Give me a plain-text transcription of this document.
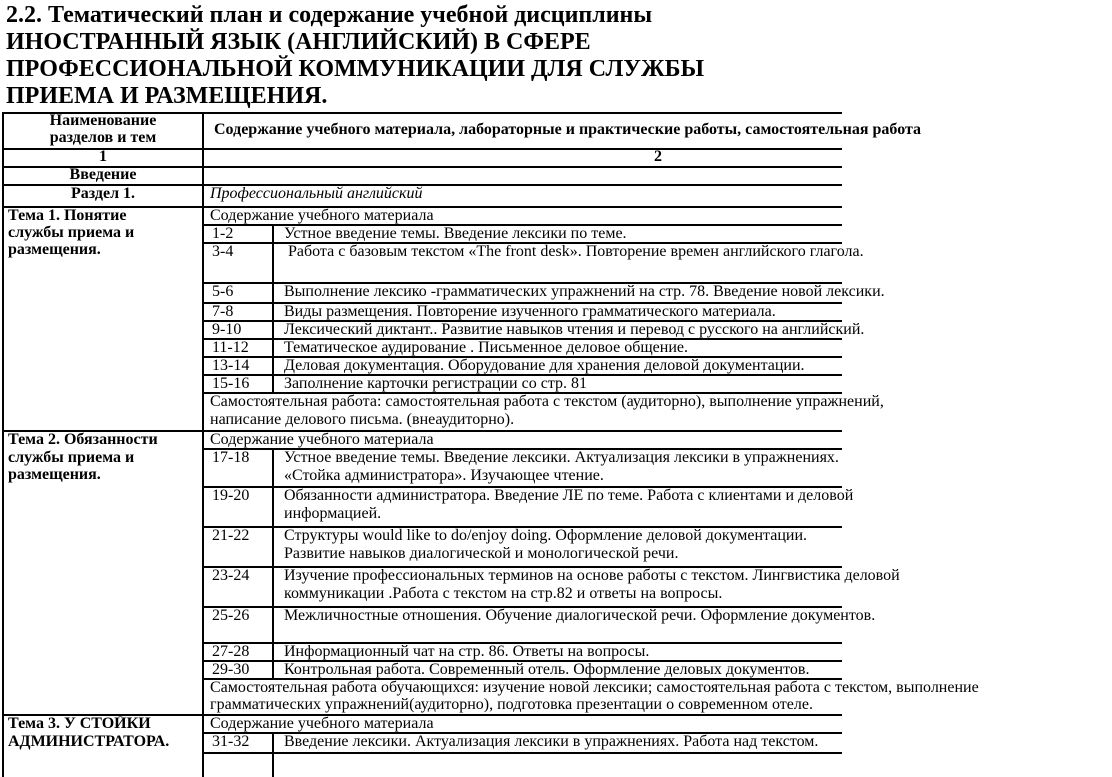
2.2. Тематический план и содержание учебной дисциплины
ИНОСТРАННЫЙ ЯЗЫК (АНГЛИЙСКИЙ) В СФЕРЕ
ПРОФЕССИОНАЛЬНОЙ КОММУНИКАЦИИ ДЛЯ СЛУЖБЫ
ПРИЕМА И РАЗМЕЩЕНИЯ.
Наименование
разделов и тем	Содержание учебного материала, лабораторные и практические работы, самостоятельная работа
1	2
Введение
Раздел 1.	Профессиональный английский
Тема 1. Понятие
службы приема и
размещения.
Содержание учебного материала
1-2	Устное введение темы. Введение лексики по теме.
3-4	Работа с базовым текстом «The front desk». Повторение времен английского глагола.
5-6	Выполнение лексико -грамматических упражнений на стр. 78. Введение новой лексики.
7-8	Виды размещения. Повторение изученного грамматического материала.
9-10	Лексический диктант.. Развитие навыков чтения и перевод с русского на английский.
11-12 Тематическое аудирование . Письменное деловое общение.
13-14 Деловая документация. Оборудование для хранения деловой документации.
15-16 Заполнение карточки регистрации со стр. 81
Самостоятельная работа: самостоятельная работа с текстом (аудиторно), выполнение упражнений,
написание делового письма. (внеаудиторно).
Тема 2. Обязанности
службы приема и
размещения.
Содержание учебного материала
17-18 Устное введение темы. Введение лексики. Актуализация лексики в упражнениях.
«Стойка администратора». Изучающее чтение.
19-20 Обязанности администратора. Введение ЛЕ по теме. Работа с клиентами и деловой
информацией.
21-22 Структуры would like to do/enjoy doing. Оформление деловой документации.
Развитие навыков диалогической и монологической речи.
23-24 Изучение профессиональных терминов на основе работы с текстом. Лингвистика деловой
коммуникации .Работа с текстом на стр.82 и ответы на вопросы.
25-26 Межличностные отношения. Обучение диалогической речи. Оформление документов.
27-28 Информационный чат на стр. 86. Ответы на вопросы.
29-30 Контрольная работа. Современный отель. Оформление деловых документов.
Самостоятельная работа обучающихся: изучение новой лексики; самостоятельная работа с текстом, выполнение
грамматических упражнений(аудиторно), подготовка презентации о современном отеле.
Тема 3. У СТОЙКИ
АДМИНИСТРАТОРА.
Содержание учебного материала
31-32 Введение лексики. Актуализация лексики в упражнениях. Работа над текстом.
